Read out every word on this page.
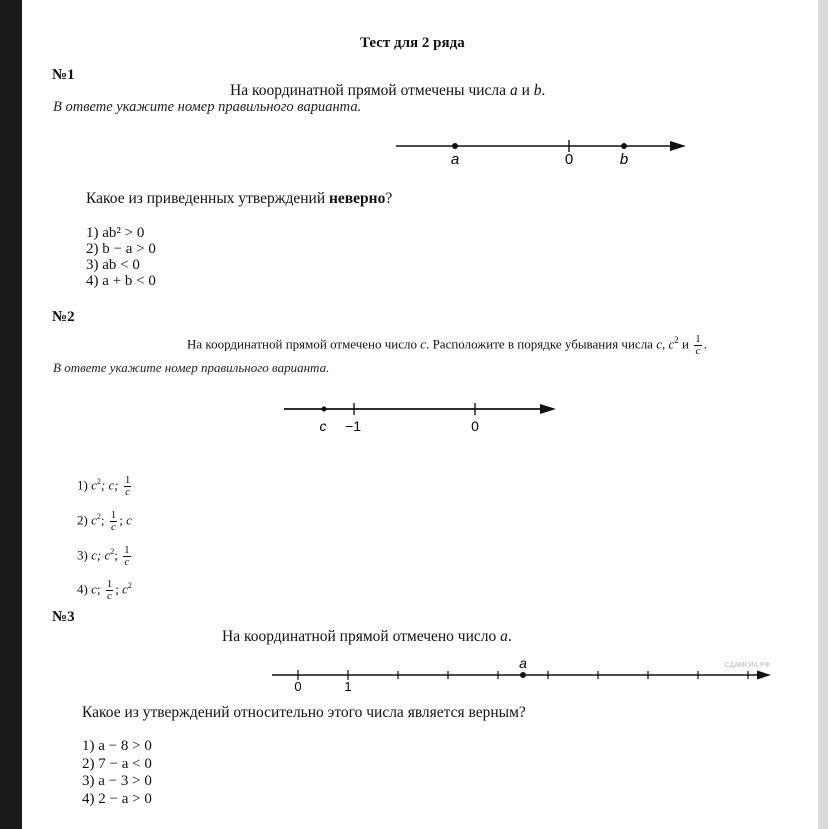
Тест для 2 ряда
№1
На координатной прямой отмечены числа a и b.
В ответе укажите номер правильного варианта.
a	0	b
Какое из приведенных утверждений неверно?
1) ab² > 0
2) b − a > 0
3) ab < 0
4) a + b < 0
№2
На координатной прямой отмечено число c. Расположите в порядке убывания числа c, $c^2$ и $\frac{1}{c}$ .
В ответе укажите номер правильного варианта.
c −1	0
1) $c^2$; c; $\frac{1}{c}$
2) $c^2$; $\frac{1}{c}$ ; c
3) c; $c^2$; $\frac{1}{c}$
4) c; $\frac{1}{c}$ ; $c^2$
№3
На координатной прямой отмечено число a.
СДАМГИА.РФ
a
0	1
Какое из утверждений относительно этого числа является верным?
1) a − 8 > 0
2) 7 − a < 0
3) a − 3 > 0
4) 2 − a > 0
